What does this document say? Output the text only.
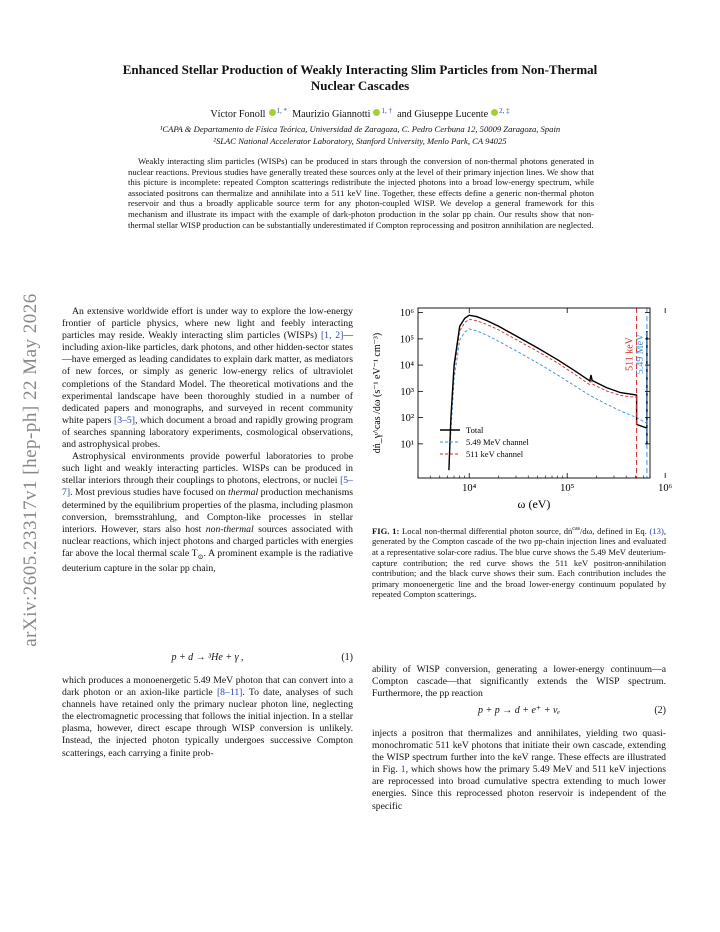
arXiv:2605.23317v1 [hep-ph] 22 May 2026
Enhanced Stellar Production of Weakly Interacting Slim Particles from Non-Thermal
Nuclear Cascades
Víctor Fonoll $^{1, *}$ Maurizio Giannotti $^{1, \dagger}$ and Giuseppe Lucente $^{2, \ddagger}$
¹CAPA & Departamento de Física Teórica, Universidad de Zaragoza, C. Pedro Cerbuna 12, 50009 Zaragoza, Spain
²SLAC National Accelerator Laboratory, Stanford University, Menlo Park, CA 94025

Weakly interacting slim particles (WISPs) can be produced in stars through the conversion of non-thermal photons generated in nuclear reactions. Previous studies have generally treated these sources only at the level of their primary injection lines. We show that this picture is incomplete: repeated Compton scatterings redistribute the injected photons into a broad low-energy spectrum, while associated positrons can thermalize and annihilate into a 511 keV line. Together, these effects define a generic non-thermal photon reservoir and thus a broadly applicable source term for any photon-coupled WISP. We develop a general framework for this mechanism and illustrate its impact with the example of dark-photon production in the solar pp chain. Our results show that non-thermal stellar WISP production can be substantially underestimated if Compton reprocessing and positron annihilation are neglected.

An extensive worldwide effort is under way to explore the low-energy frontier of particle physics, where new light and feebly interacting particles may reside. Weakly interacting slim particles (WISPs) [1, 2]—including axion-like particles, dark photons, and other hidden-sector states—have emerged as leading candidates to explain dark matter, as mediators of new forces, or simply as generic low-energy relics of ultraviolet completions of the Standard Model. The theoretical motivations and the experimental landscape have been thoroughly studied in a number of dedicated papers and monographs, and surveyed in recent community white papers [3–5], which document a broad and rapidly growing program of searches spanning laboratory experiments, cosmological observations, and astrophysical probes.

Astrophysical environments provide powerful laboratories to probe such light and weakly interacting particles. WISPs can be produced in stellar interiors through their couplings to photons, electrons, or nuclei [5–7]. Most previous studies have focused on thermal production mechanisms determined by the equilibrium properties of the plasma, including plasmon conversion, bremsstrahlung, and Compton-like processes in stellar interiors. However, stars also host non-thermal sources associated with nuclear reactions, which inject photons and charged particles with energies far above the local thermal scale $T_⊙$. A prominent example is the radiative deuterium capture in the solar pp chain,

p + d → ³He + γ ,	(1)

which produces a monoenergetic 5.49 MeV photon that can convert into a dark photon or an axion-like particle [8–11]. To date, analyses of such channels have retained only the primary nuclear photon line, neglecting the electromagnetic processing that follows the initial injection. In a stellar plasma, however, direct escape through WISP conversion is unlikely. Instead, the injected photon typically undergoes successive Compton scatterings, each carrying a finite prob-

511 keV 5.49 MeV
10⁴	10⁵	10⁶
10¹
10²
10³
10⁴
10⁵
10⁶
ω (eV)
dṅ_γ^cas /dω (s⁻¹ eV⁻¹ cm⁻³)	Total
5.49 MeV channel
511 keV channel

FIG. 1: Local non-thermal differential photon source, dṅ$^{cas}$/dω, defined in Eq. (13), generated by the Compton cascade of the two pp-chain injection lines and evaluated at a representative solar-core radius. The blue curve shows the 5.49 MeV deuterium-capture contribution; the red curve shows the 511 keV positron-annihilation contribution; and the black curve shows their sum. Each contribution includes the primary monoenergetic line and the broad lower-energy continuum populated by repeated Compton scatterings.

ability of WISP conversion, generating a lower-energy continuum—a Compton cascade—that significantly extends the WISP spectrum. Furthermore, the pp reaction

p + p → d + e⁺ + νₑ	(2)

injects a positron that thermalizes and annihilates, yielding two quasi-monochromatic 511 keV photons that initiate their own cascade, extending the WISP spectrum further into the keV range. These effects are illustrated in Fig. 1, which shows how the primary 5.49 MeV and 511 keV injections are reprocessed into broad cumulative spectra extending to much lower energies. Since this reprocessed photon reservoir is independent of the specific
